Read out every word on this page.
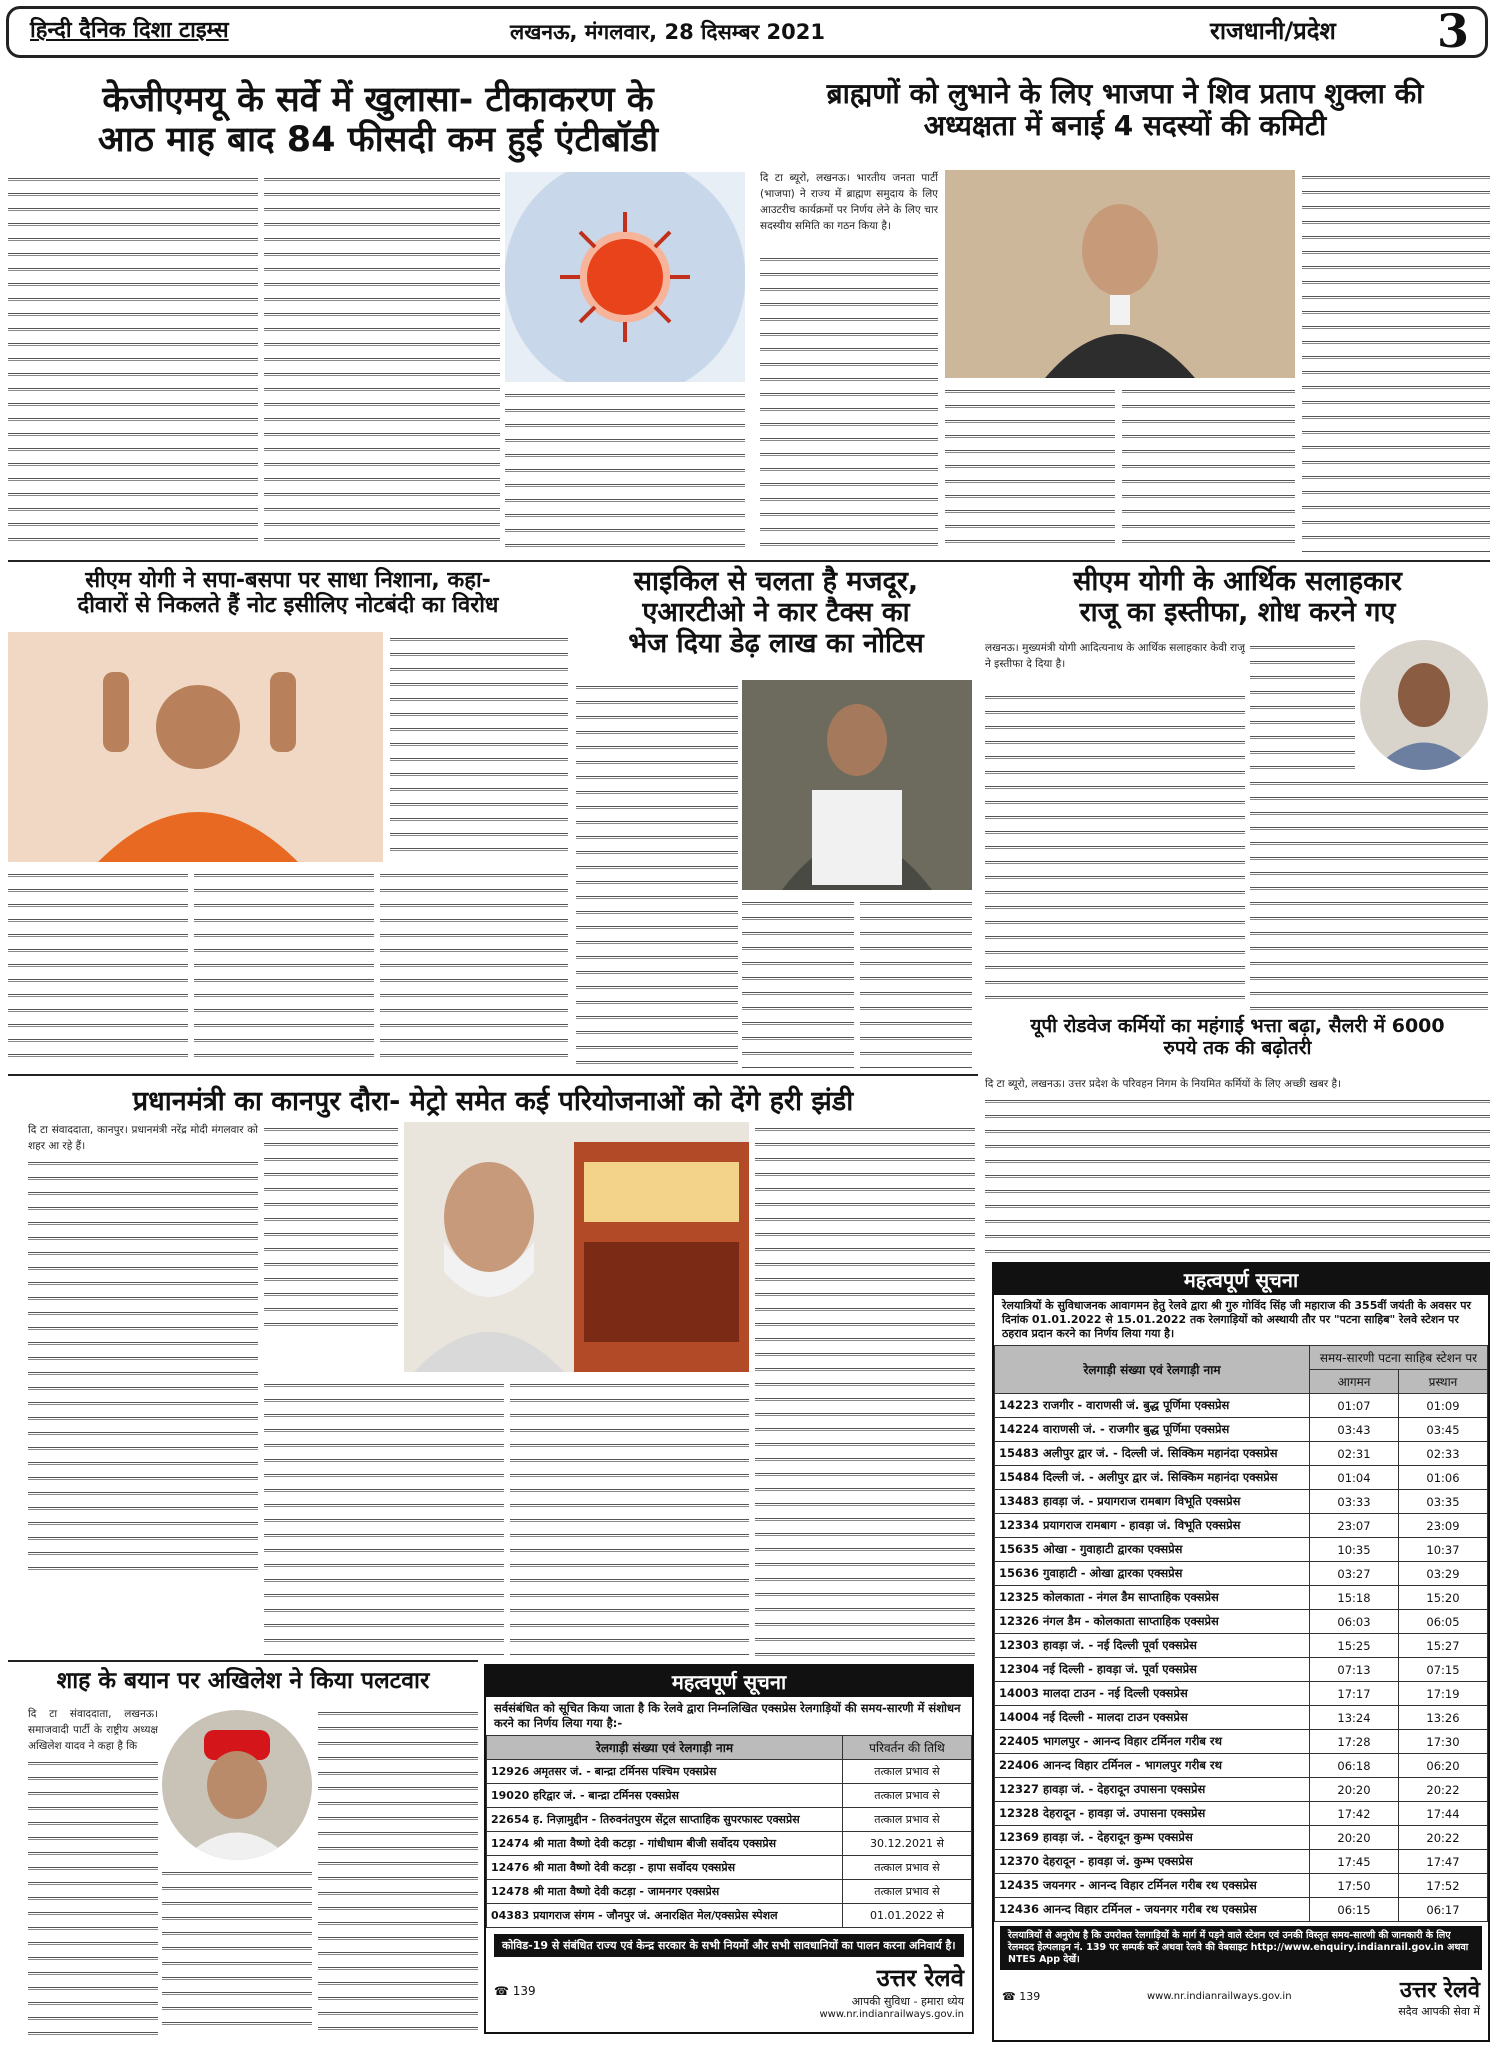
हिन्दी दैनिक दिशा टाइम्स	लखनऊ, मंगलवार, 28 दिसम्बर 2021	राजधानी/प्रदेश 3
केजीएमयू के सर्वे में खुलासा- टीकाकरण के
आठ माह बाद 84 फीसदी कम हुई एंटीबॉडी
ब्राह्मणों को लुभाने के लिए भाजपा ने शिव प्रताप शुक्ला की
अध्यक्षता में बनाई 4 सदस्यों की कमिटी
दि टा ब्यूरो, लखनऊ। भारतीय जनता पार्टी (भाजपा) ने राज्य में ब्राह्मण समुदाय के लिए आउटरीच कार्यक्रमों पर निर्णय लेने के लिए चार सदस्यीय समिति का गठन किया है।
सीएम योगी ने सपा-बसपा पर साधा निशाना, कहा-
दीवारों से निकलते हैं नोट इसीलिए नोटबंदी का विरोध
साइकिल से चलता है मजदूर,
एआरटीओ ने कार टैक्स का
भेज दिया डेढ़ लाख का नोटिस
सीएम योगी के आर्थिक सलाहकार
राजू का इस्तीफा, शोध करने गए
लखनऊ। मुख्यमंत्री योगी आदित्यनाथ के आर्थिक सलाहकार केवी राजू ने इस्तीफा दे दिया है।
यूपी रोडवेज कर्मियों का महंगाई भत्ता बढ़ा, सैलरी में 6000
रुपये तक की बढ़ोतरी
दि टा ब्यूरो, लखनऊ। उत्तर प्रदेश के परिवहन निगम के नियमित कर्मियों के लिए अच्छी खबर है।
प्रधानमंत्री का कानपुर दौरा- मेट्रो समेत कई परियोजनाओं को देंगे हरी झंडी
दि टा संवाददाता, कानपुर। प्रधानमंत्री नरेंद्र मोदी मंगलवार को शहर आ रहे हैं।
शाह के बयान पर अखिलेश ने किया पलटवार
दि टा संवाददाता, लखनऊ। समाजवादी पार्टी के राष्ट्रीय अध्यक्ष अखिलेश यादव ने कहा है कि
महत्वपूर्ण सूचना
सर्वसंबंधित को सूचित किया जाता है कि रेलवे द्वारा निम्नलिखित एक्सप्रेस रेलगाड़ियों की समय-सारणी में संशोधन करने का निर्णय लिया गया है:-
रेलगाड़ी संख्या एवं रेलगाड़ी नाम	परिवर्तन की तिथि
12926 अमृतसर जं. - बान्द्रा टर्मिनस पश्चिम एक्सप्रेस	तत्काल प्रभाव से
19020 हरिद्वार जं. - बान्द्रा टर्मिनस एक्सप्रेस	तत्काल प्रभाव से
22654 ह. निज़ामुद्दीन - तिरुवनंतपुरम सेंट्रल साप्ताहिक सुपरफास्ट एक्सप्रेस	तत्काल प्रभाव से
12474 श्री माता वैष्णो देवी कटड़ा - गांधीधाम बीजी सर्वोदय एक्सप्रेस	30.12.2021 से
12476 श्री माता वैष्णो देवी कटड़ा - हापा सर्वोदय एक्सप्रेस	तत्काल प्रभाव से
12478 श्री माता वैष्णो देवी कटड़ा - जामनगर एक्सप्रेस	तत्काल प्रभाव से
04383 प्रयागराज संगम - जौनपुर जं. अनारक्षित मेल/एक्सप्रेस स्पेशल	01.01.2022 से
कोविड-19 से संबंधित राज्य एवं केन्द्र सरकार के सभी नियमों और सभी सावधानियों का पालन करना अनिवार्य है।
☎ 139	उत्तर रेलवे
आपकी सुविधा - हमारा ध्येय
www.nr.indianrailways.gov.in
महत्वपूर्ण सूचना
रेलयात्रियों के सुविधाजनक आवागमन हेतु रेलवे द्वारा श्री गुरु गोविंद सिंह जी महाराज की 355वीं जयंती के अवसर पर दिनांक 01.01.2022 से 15.01.2022 तक रेलगाड़ियों को अस्थायी तौर पर "पटना साहिब" रेलवे स्टेशन पर ठहराव प्रदान करने का निर्णय लिया गया है।
रेलगाड़ी संख्या एवं रेलगाड़ी नाम	समय-सारणी पटना साहिब स्टेशन पर	
	आगमन	प्रस्थान
14223 राजगीर - वाराणसी जं. बुद्ध पूर्णिमा एक्सप्रेस	01:07	01:09
14224 वाराणसी जं. - राजगीर बुद्ध पूर्णिमा एक्सप्रेस	03:43	03:45
15483 अलीपुर द्वार जं. - दिल्ली जं. सिक्किम महानंदा एक्सप्रेस	02:31	02:33
15484 दिल्ली जं. - अलीपुर द्वार जं. सिक्किम महानंदा एक्सप्रेस	01:04	01:06
13483 हावड़ा जं. - प्रयागराज रामबाग विभूति एक्सप्रेस	03:33	03:35
12334 प्रयागराज रामबाग - हावड़ा जं. विभूति एक्सप्रेस	23:07	23:09
15635 ओखा - गुवाहाटी द्वारका एक्सप्रेस	10:35	10:37
15636 गुवाहाटी - ओखा द्वारका एक्सप्रेस	03:27	03:29
12325 कोलकाता - नंगल डैम साप्ताहिक एक्सप्रेस	15:18	15:20
12326 नंगल डैम - कोलकाता साप्ताहिक एक्सप्रेस	06:03	06:05
12303 हावड़ा जं. - नई दिल्ली पूर्वा एक्सप्रेस	15:25	15:27
12304 नई दिल्ली - हावड़ा जं. पूर्वा एक्सप्रेस	07:13	07:15
14003 मालदा टाउन - नई दिल्ली एक्सप्रेस	17:17	17:19
14004 नई दिल्ली - मालदा टाउन एक्सप्रेस	13:24	13:26
22405 भागलपुर - आनन्द विहार टर्मिनल गरीब रथ	17:28	17:30
22406 आनन्द विहार टर्मिनल - भागलपुर गरीब रथ	06:18	06:20
12327 हावड़ा जं. - देहरादून उपासना एक्सप्रेस	20:20	20:22
12328 देहरादून - हावड़ा जं. उपासना एक्सप्रेस	17:42	17:44
12369 हावड़ा जं. - देहरादून कुम्भ एक्सप्रेस	20:20	20:22
12370 देहरादून - हावड़ा जं. कुम्भ एक्सप्रेस	17:45	17:47
12435 जयनगर - आनन्द विहार टर्मिनल गरीब रथ एक्सप्रेस	17:50	17:52
12436 आनन्द विहार टर्मिनल - जयनगर गरीब रथ एक्सप्रेस	06:15	06:17
रेलयात्रियों से अनुरोध है कि उपरोक्त रेलगाड़ियों के मार्ग में पड़ने वाले स्टेशन एवं उनकी विस्तृत समय-सारणी की जानकारी के लिए रेलमदद हेल्पलाइन नं. 139 पर सम्पर्क करें अथवा रेलवे की वेबसाइट http://www.enquiry.indianrail.gov.in अथवा NTES App देखें।
☎ 139	www.nr.indianrailways.gov.in	उत्तर रेलवे
सदैव आपकी सेवा में
